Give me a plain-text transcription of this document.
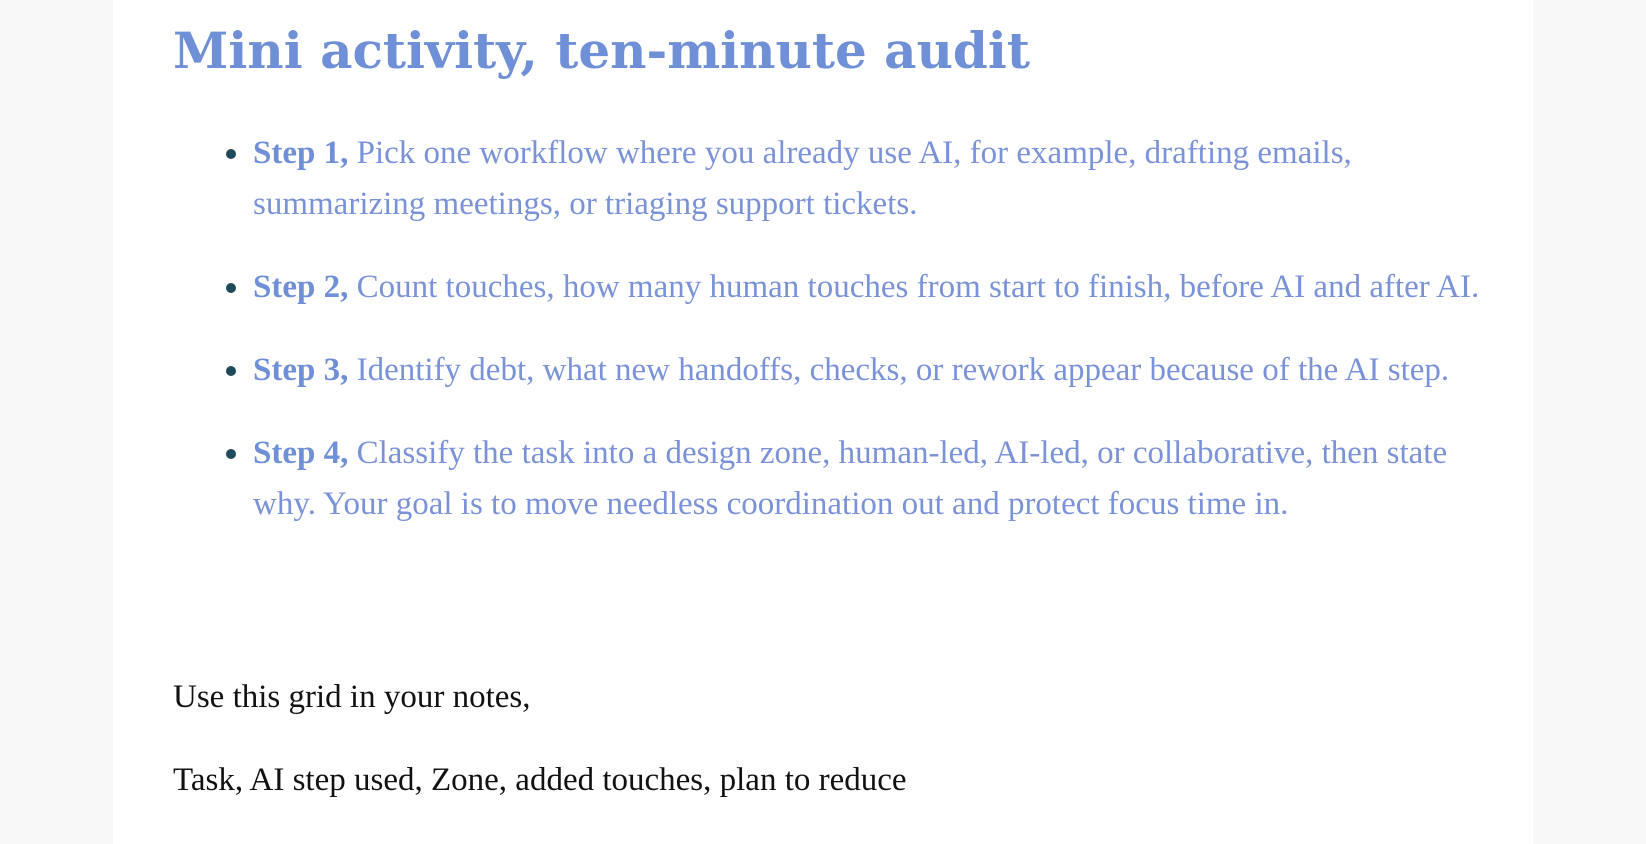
Mini activity, ten-minute audit
Step 1, Pick one workflow where you already use AI, for example, drafting emails, summarizing meetings, or triaging support tickets.
Step 2, Count touches, how many human touches from start to finish, before AI and after AI.
Step 3, Identify debt, what new handoffs, checks, or rework appear because of the AI step.
Step 4, Classify the task into a design zone, human-led, AI-led, or collaborative, then state why. Your goal is to move needless coordination out and protect focus time in.

Use this grid in your notes,

Task, AI step used, Zone, added touches, plan to reduce
